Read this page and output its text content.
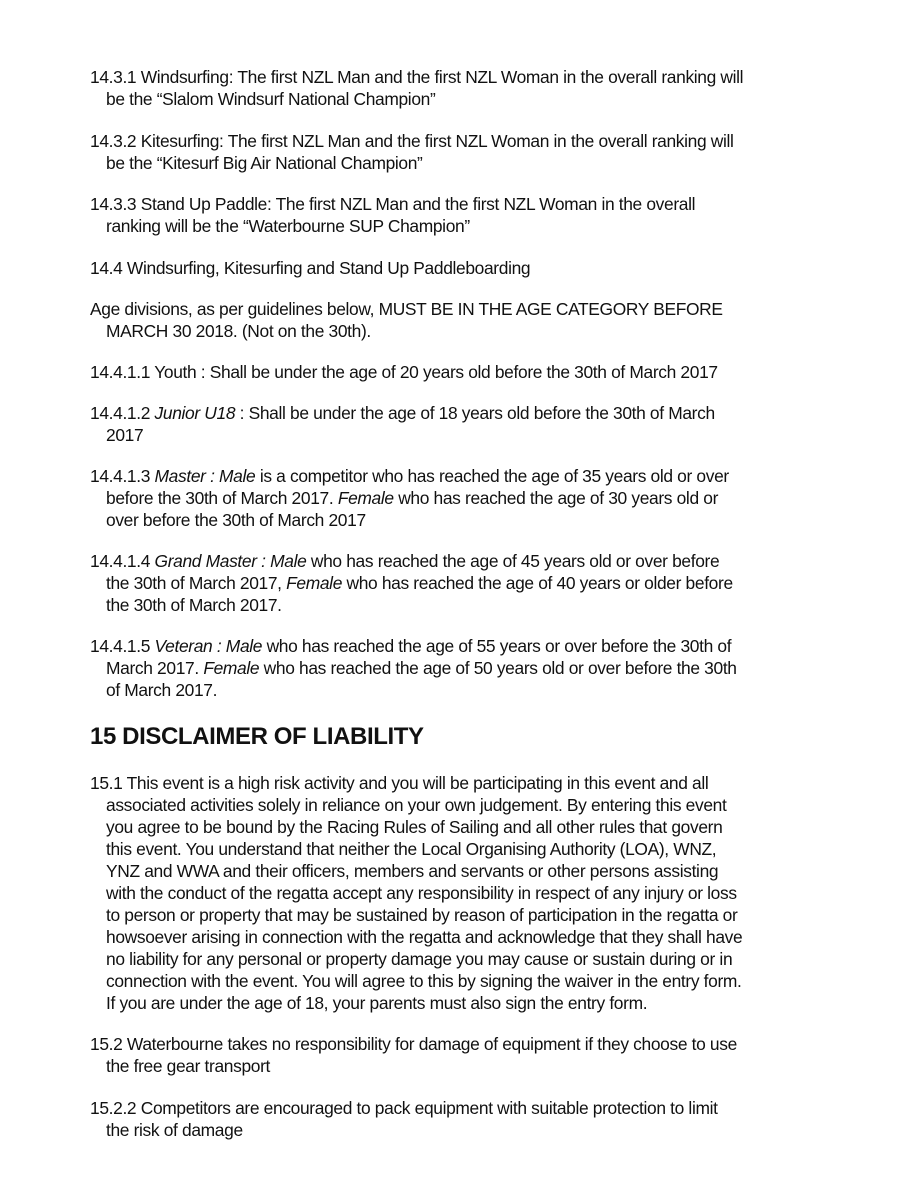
14.3.1 Windsurfing: The first NZL Man and the first NZL Woman in the overall ranking will
be the “Slalom Windsurf National Champion”
14.3.2 Kitesurfing: The first NZL Man and the first NZL Woman in the overall ranking will
be the “Kitesurf Big Air National Champion”
14.3.3 Stand Up Paddle: The first NZL Man and the first NZL Woman in the overall
ranking will be the “Waterbourne SUP Champion”
14.4 Windsurfing, Kitesurfing and Stand Up Paddleboarding
Age divisions, as per guidelines below, MUST BE IN THE AGE CATEGORY BEFORE
MARCH 30 2018. (Not on the 30th).
14.4.1.1 Youth : Shall be under the age of 20 years old before the 30th of March 2017
14.4.1.2 Junior U18 : Shall be under the age of 18 years old before the 30th of March
2017
14.4.1.3 Master : Male is a competitor who has reached the age of 35 years old or over
before the 30th of March 2017. Female who has reached the age of 30 years old or
over before the 30th of March 2017
14.4.1.4 Grand Master : Male who has reached the age of 45 years old or over before
the 30th of March 2017, Female who has reached the age of 40 years or older before
the 30th of March 2017.
14.4.1.5 Veteran : Male who has reached the age of 55 years or over before the 30th of
March 2017. Female who has reached the age of 50 years old or over before the 30th
of March 2017.
15 DISCLAIMER OF LIABILITY
15.1 This event is a high risk activity and you will be participating in this event and all
associated activities solely in reliance on your own judgement. By entering this event
you agree to be bound by the Racing Rules of Sailing and all other rules that govern
this event. You understand that neither the Local Organising Authority (LOA), WNZ,
YNZ and WWA and their officers, members and servants or other persons assisting
with the conduct of the regatta accept any responsibility in respect of any injury or loss
to person or property that may be sustained by reason of participation in the regatta or
howsoever arising in connection with the regatta and acknowledge that they shall have
no liability for any personal or property damage you may cause or sustain during or in
connection with the event. You will agree to this by signing the waiver in the entry form.
If you are under the age of 18, your parents must also sign the entry form.
15.2 Waterbourne takes no responsibility for damage of equipment if they choose to use
the free gear transport
15.2.2 Competitors are encouraged to pack equipment with suitable protection to limit
the risk of damage
